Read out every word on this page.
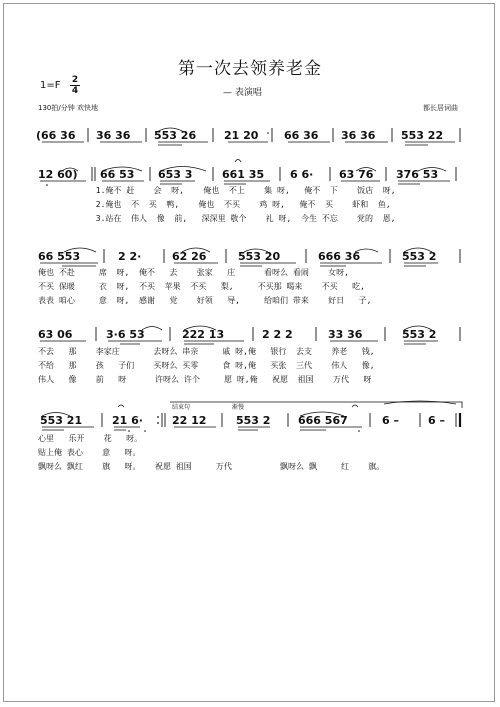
第一次去领养老金
$1=F \frac{2}{4}$	— 表演唱
130拍/分钟 欢快地	都长居词曲
(66 36 36 36 553 26	21 20 66 36 36 36 553 22
12 60) 66 53 653 3	661 35 6 6· 63 76 376 53
66 553	2 2·	62 26	553 20	666 36	553 2
63 06	3·6 53	222 13	2 2 2	33 36	553 2
结束句	渐慢
553 21	21 6·	22 12	553 2	666 567	6 –	6 –
1.俺不 赶    会  呀,    俺也  不上    集 呀,   俺不  下    饭店  呀,
2.俺也  不  买  鸭,    俺也  不买    鸡 呀,   俺不  买    虾和  鱼,
3.站在  伟人  像  前,   深深里 敬个    礼 呀,  今生 不忘    党的  恩,
俺也 不赴     席  呀,  俺不   去    张家   庄      看呀么 看闹    女呀,
不买 保暖     衣  呀,  不买  苹果  不买   梨,     不买那 喝来    不买   吃,
表表 咱心     意  呀,  感谢   党    好领   导,     给咱们 带来    好日   子,
不去   那    李家庄       去呀么 串亲     戚 呀,俺   银行  去支    养老   钱,
不给   那    孩   子们    买呀么 买零     食 呀,俺   买张  三代    伟人   像,
伟人   像    前   呀      许呀么 许个     愿 呀,俺   祝愿  祖国    万代   呀
心里   乐开    花   呀。
贴上俺 表心    意   呀。
飘呀么 飘红    旗   呀。   祝愿 祖国     万代          飘呀么 飘     红    旗。
